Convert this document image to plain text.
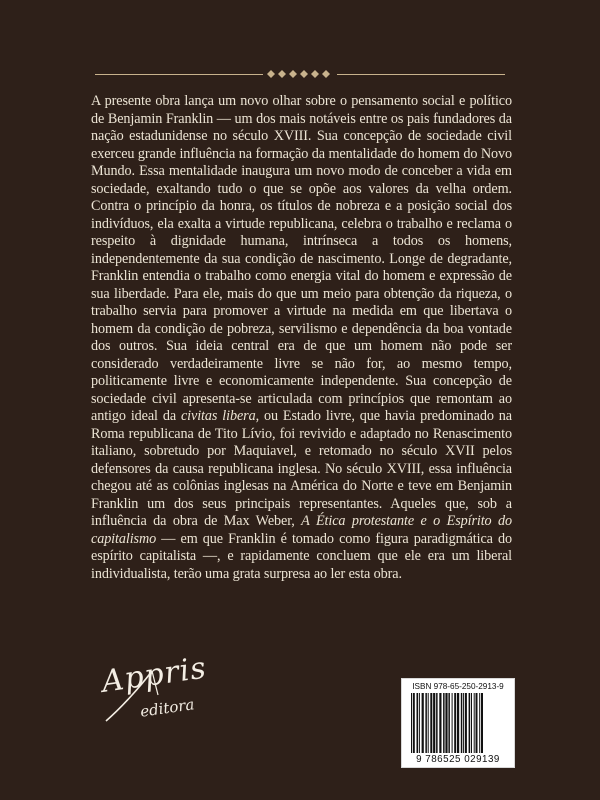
A presente obra lança um novo olhar sobre o pensamento social e político de Benjamin Franklin — um dos mais notáveis entre os pais fundadores da nação estadunidense no século XVIII. Sua concepção de sociedade civil exerceu grande influência na formação da mentalidade do homem do Novo Mundo. Essa mentalidade inaugura um novo modo de conceber a vida em sociedade, exaltando tudo o que se opõe aos valores da velha ordem. Contra o princípio da honra, os títulos de nobreza e a posição social dos indivíduos, ela exalta a virtude republicana, celebra o trabalho e reclama o respeito à dignidade humana, intrínseca a todos os homens, independentemente da sua condição de nascimento. Longe de degradante, Franklin entendia o trabalho como energia vital do homem e expressão de sua liberdade. Para ele, mais do que um meio para obtenção da riqueza, o trabalho servia para promover a virtude na medida em que libertava o homem da condição de pobreza, servilismo e dependência da boa vontade dos outros. Sua ideia central era de que um homem não pode ser considerado verdadeiramente livre se não for, ao mesmo tempo, politicamente livre e economicamente independente. Sua concepção de sociedade civil apresenta-se articulada com princípios que remontam ao antigo ideal da civitas libera, ou Estado livre, que havia predominado na Roma republicana de Tito Lívio, foi revivido e adaptado no Renascimento italiano, sobretudo por Maquiavel, e retomado no século XVII pelos defensores da causa republicana inglesa. No século XVIII, essa influência chegou até as colônias inglesas na América do Norte e teve em Benjamin Franklin um dos seus principais representantes. Aqueles que, sob a influência da obra de Max Weber, A Ética protestante e o Espírito do capitalismo — em que Franklin é tomado como figura paradigmática do espírito capitalista —, e rapidamente concluem que ele era um liberal individualista, terão uma grata surpresa ao ler esta obra.
Appris
editora
ISBN 978-65-250-2913-9
9 786525 029139
